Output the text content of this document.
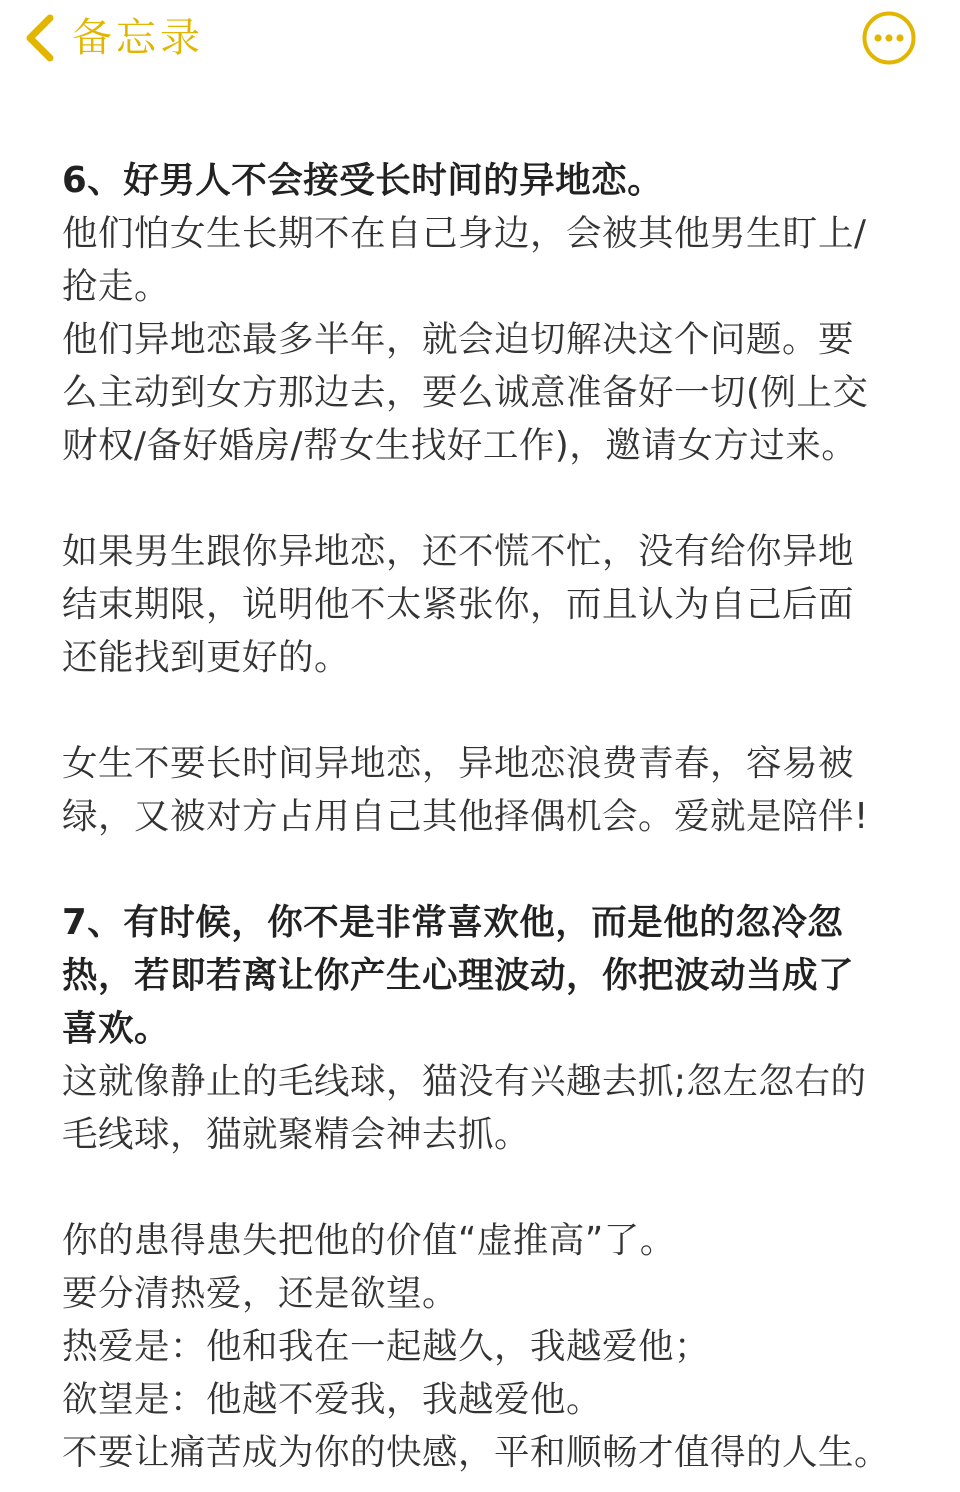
备忘录
6、好男人不会接受长时间的异地恋。
他们怕女生长期不在自己身边，会被其他男生盯上/
抢走。
他们异地恋最多半年，就会迫切解决这个问题。要
么主动到女方那边去，要么诚意准备好一切(例上交
财权/备好婚房/帮女生找好工作)，邀请女方过来。
如果男生跟你异地恋，还不慌不忙，没有给你异地
结束期限，说明他不太紧张你，而且认为自己后面
还能找到更好的。
女生不要长时间异地恋，异地恋浪费青春，容易被
绿，又被对方占用自己其他择偶机会。爱就是陪伴!
7、有时候，你不是非常喜欢他，而是他的忽冷忽
热，若即若离让你产生心理波动，你把波动当成了
喜欢。
这就像静止的毛线球，猫没有兴趣去抓;忽左忽右的
毛线球，猫就聚精会神去抓。
你的患得患失把他的价值“虚推高”了。
要分清热爱，还是欲望。
热爱是：他和我在一起越久，我越爱他；
欲望是：他越不爱我，我越爱他。
不要让痛苦成为你的快感，平和顺畅才值得的人生。
